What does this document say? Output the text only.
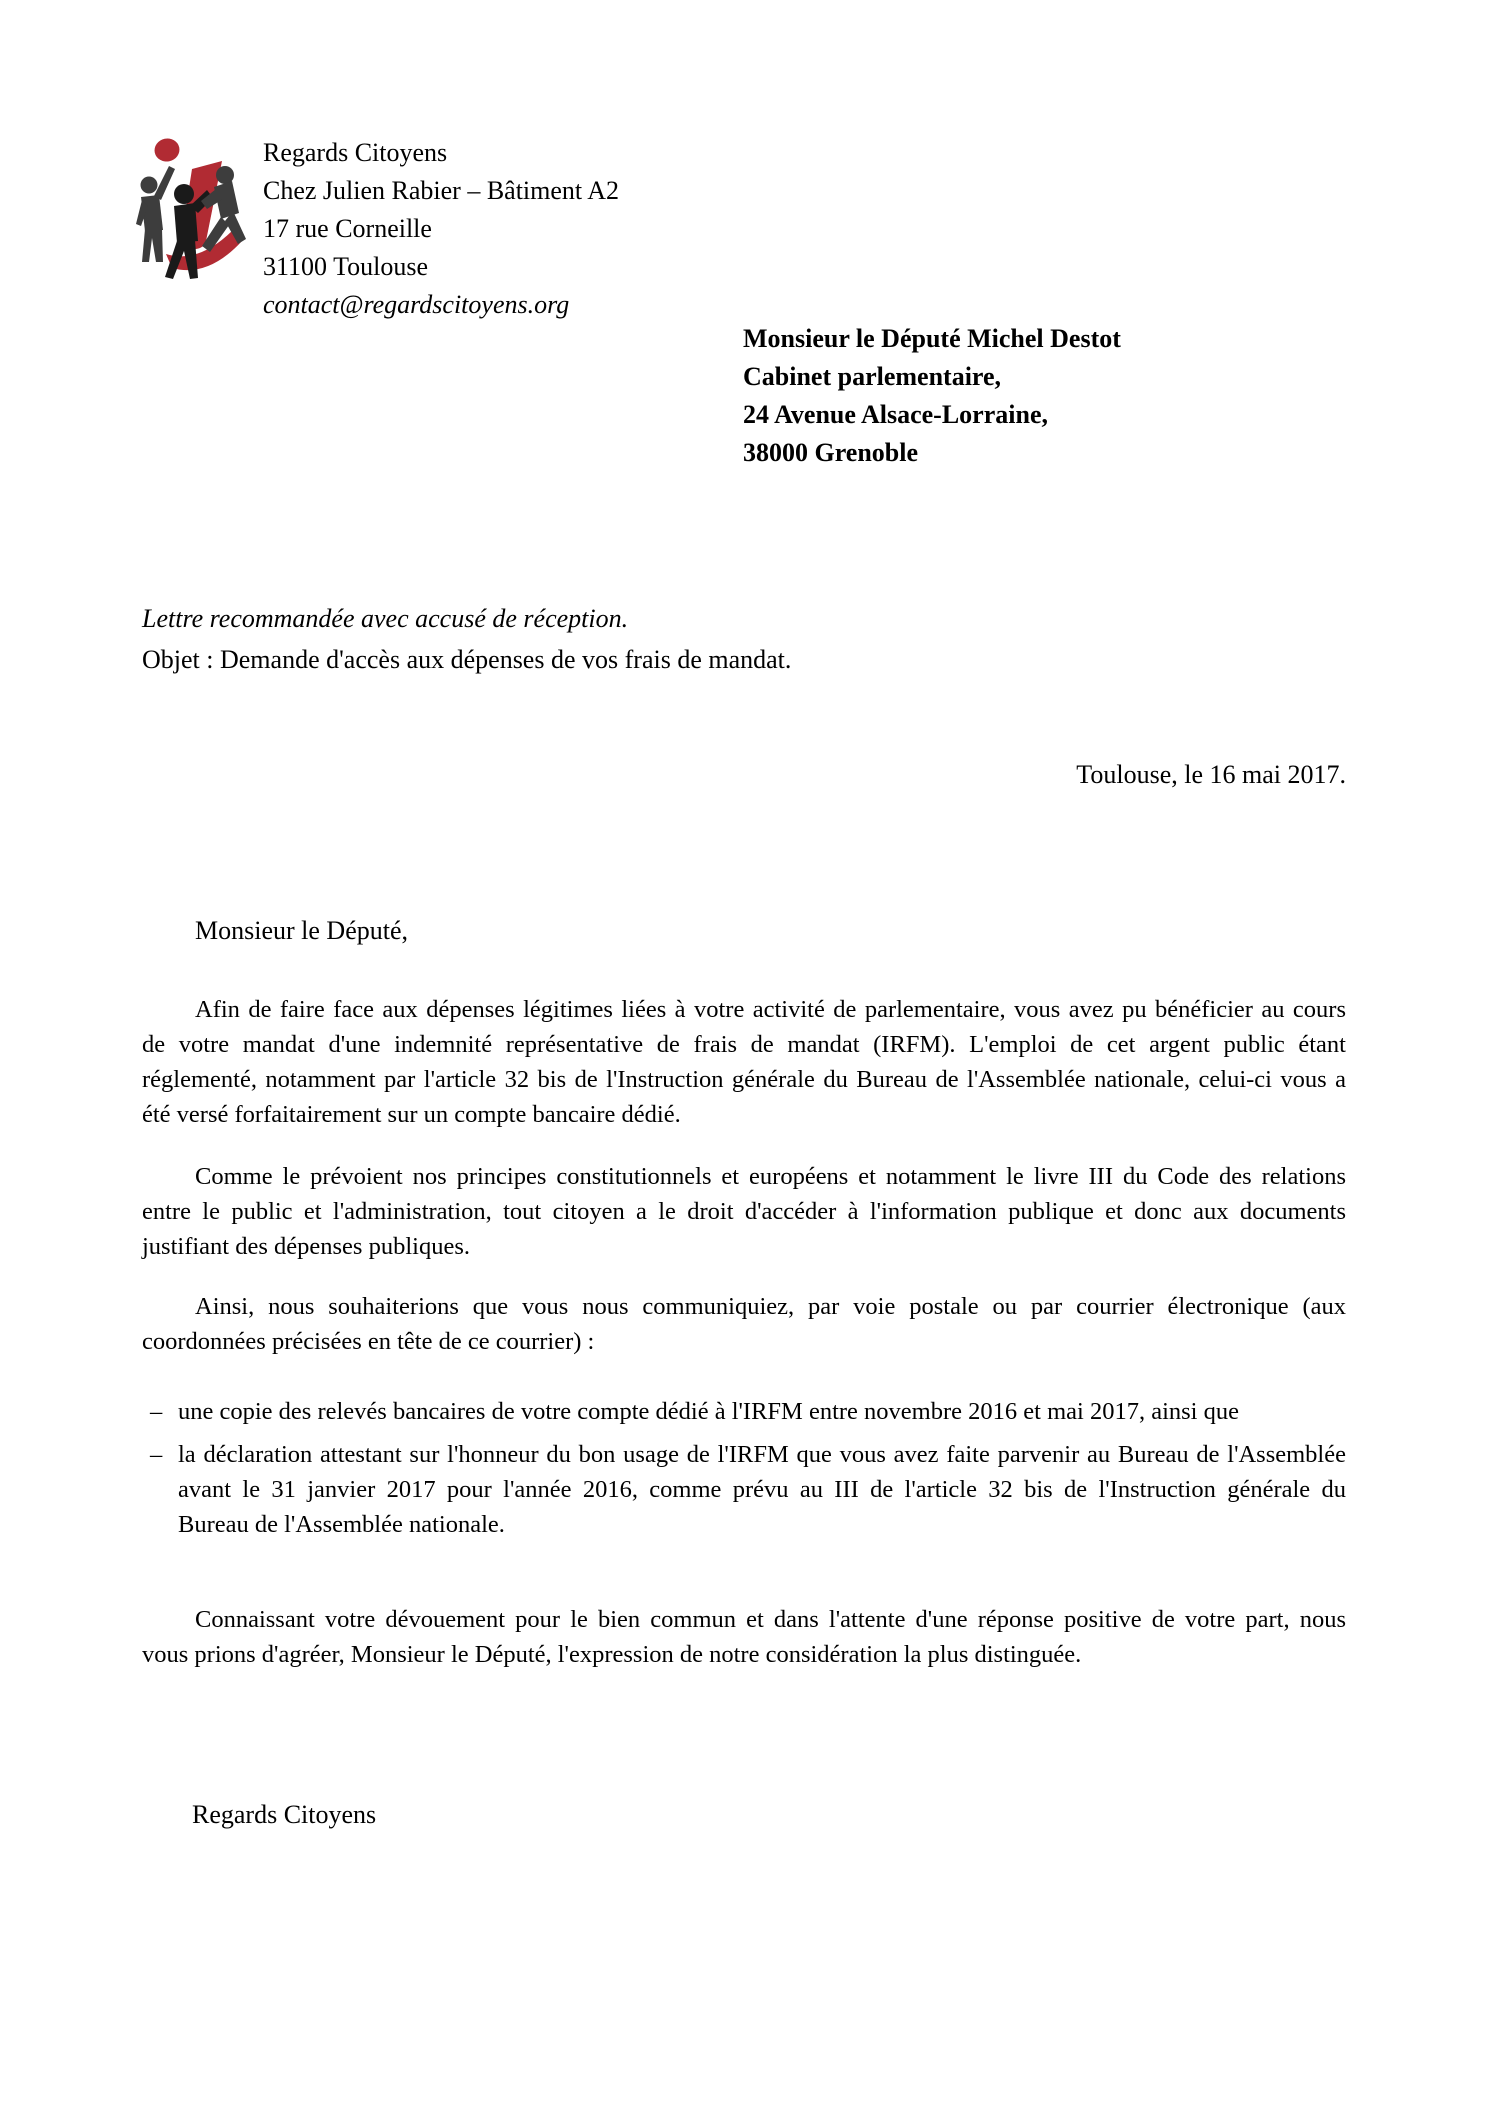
Regards Citoyens
Chez Julien Rabier – Bâtiment A2
17 rue Corneille
31100 Toulouse
contact@regardscitoyens.org
Monsieur le Député Michel Destot
Cabinet parlementaire,
24 Avenue Alsace-Lorraine,
38000 Grenoble
Lettre recommandée avec accusé de réception.
Objet : Demande d'accès aux dépenses de vos frais de mandat.
Toulouse, le 16 mai 2017.
Monsieur le Député,
Afin de faire face aux dépenses légitimes liées à votre activité de parlementaire, vous avez pu bénéficier au cours
de votre mandat d'une indemnité représentative de frais de mandat (IRFM). L'emploi de cet argent public étant
réglementé, notamment par l'article 32 bis de l'Instruction générale du Bureau de l'Assemblée nationale, celui-ci vous a
été versé forfaitairement sur un compte bancaire dédié.
Comme le prévoient nos principes constitutionnels et européens et notamment le livre III du Code des relations
entre le public et l'administration, tout citoyen a le droit d'accéder à l'information publique et donc aux documents
justifiant des dépenses publiques.
Ainsi, nous souhaiterions que vous nous communiquiez, par voie postale ou par courrier électronique (aux
coordonnées précisées en tête de ce courrier) :
– une copie des relevés bancaires de votre compte dédié à l'IRFM entre novembre 2016 et mai 2017, ainsi que
– la déclaration attestant sur l'honneur du bon usage de l'IRFM que vous avez faite parvenir au Bureau de l'Assemblée
avant le 31 janvier 2017 pour l'année 2016, comme prévu au III de l'article 32 bis de l'Instruction générale du
Bureau de l'Assemblée nationale.
Connaissant votre dévouement pour le bien commun et dans l'attente d'une réponse positive de votre part, nous
vous prions d'agréer, Monsieur le Député, l'expression de notre considération la plus distinguée.
Regards Citoyens
